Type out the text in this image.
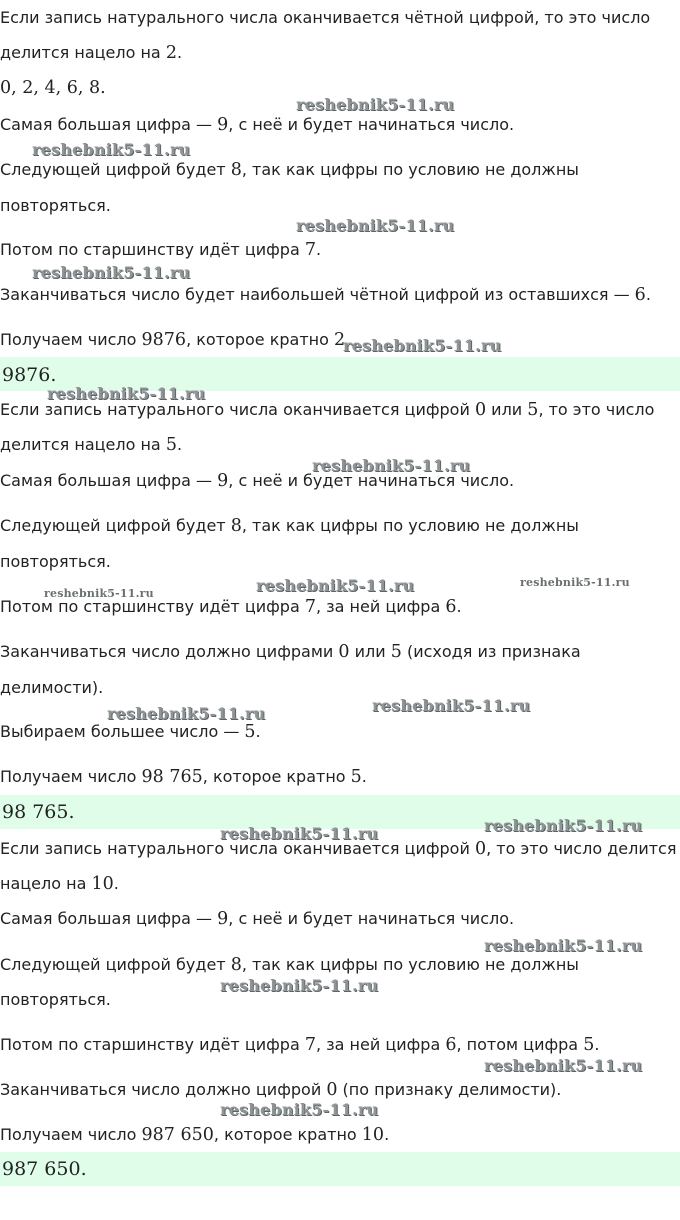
Если запись натурального числа оканчивается чётной цифрой, то это число

делится нацело на 2.

0, 2, 4, 6, 8.

Самая большая цифра — 9, с неё и будет начинаться число.

Следующей цифрой будет 8, так как цифры по условию не должны

повторяться.

Потом по старшинству идёт цифра 7.

Заканчиваться число будет наибольшей чётной цифрой из оставшихся — 6.

Получаем число 9876, которое кратно 2

9876.

Если запись натурального числа оканчивается цифрой 0 или 5, то это число

делится нацело на 5.

Самая большая цифра — 9, с неё и будет начинаться число.

Следующей цифрой будет 8, так как цифры по условию не должны

повторяться.

Потом по старшинству идёт цифра 7, за ней цифра 6.

Заканчиваться число должно цифрами 0 или 5 (исходя из признака

делимости).

Выбираем большее число — 5.

Получаем число 98 765, которое кратно 5.

98 765.

Если запись натурального числа оканчивается цифрой 0, то это число делится

нацело на 10.

Самая большая цифра — 9, с неё и будет начинаться число.

Следующей цифрой будет 8, так как цифры по условию не должны

повторяться.

Потом по старшинству идёт цифра 7, за ней цифра 6, потом цифра 5.

Заканчиваться число должно цифрой 0 (по признаку делимости).

Получаем число 987 650, которое кратно 10.

987 650.
reshebnik5-11.ru
reshebnik5-11.ru
reshebnik5-11.ru
reshebnik5-11.ru
reshebnik5-11.ru
reshebnik5-11.ru
reshebnik5-11.ru
reshebnik5-11.ru	reshebnik5-11.ru	reshebnik5-11.ru
reshebnik5-11.ru	reshebnik5-11.ru
reshebnik5-11.ru	reshebnik5-11.ru
reshebnik5-11.ru
reshebnik5-11.ru
reshebnik5-11.ru
reshebnik5-11.ru
